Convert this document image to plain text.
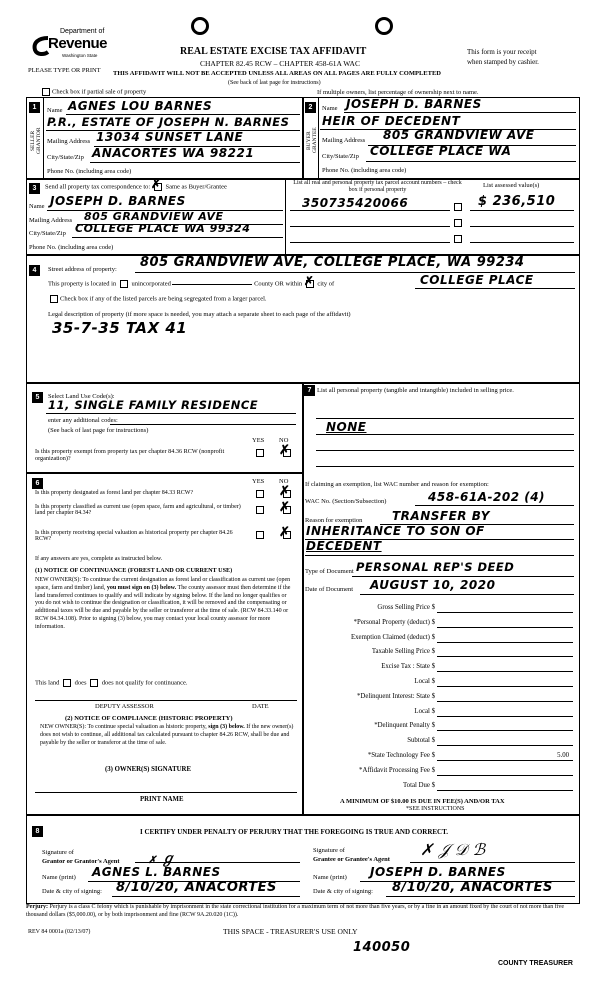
Department of
Revenue
Washington State
PLEASE TYPE OR PRINT
REAL ESTATE EXCISE TAX AFFIDAVIT
CHAPTER 82.45 RCW – CHAPTER 458-61A WAC
THIS AFFIDAVIT WILL NOT BE ACCEPTED UNLESS ALL AREAS ON ALL PAGES ARE FULLY COMPLETED
(See back of last page for instructions)
This form is your receipt
when stamped by cashier.
Check box if partial sale of property	If multiple owners, list percentage of ownership next to name.
1
SELLER GRANTOR
Name AGNES LOU BARNES
P.R., ESTATE OF JOSEPH N. BARNES
Mailing Address 13034 SUNSET LANE
City/State/Zip ANACORTES WA 98221
Phone No. (including area code)
2
BUYER GRANTEE
Name JOSEPH D. BARNES
HEIR OF DECEDENT
Mailing Address 805 GRANDVIEW AVE
City/State/Zip COLLEGE PLACE WA
Phone No. (including area code)
3	Send all property tax correspondence to: ✗ Same as Buyer/Grantee
Name JOSEPH D. BARNES
Mailing Address 805 GRANDVIEW AVE
City/State/Zip COLLEGE PLACE WA 99324
Phone No. (including area code)
List all real and personal property tax parcel account numbers – check box if personal property
List assessed value(s)
350735420066	$ 236,510
4	Street address of property: 805 GRANDVIEW AVE, COLLEGE PLACE, WA 99234
This property is located in unincorporated	County OR within ✗ city of	COLLEGE PLACE
Check box if any of the listed parcels are being segregated from a larger parcel.
Legal description of property (if more space is needed, you may attach a separate sheet to each page of the affidavit)
35-7-35 TAX 41
5	Select Land Use Code(s):
11, SINGLE FAMILY RESIDENCE
enter any additional codes:
(See back of last page for instructions)
YES NO
Is this property exempt from property tax per chapter 84.36 RCW (nonprofit organization)?
✗
6	YES NO
Is this property designated as forest land per chapter 84.33 RCW?	✗
Is this property classified as current use (open space, farm and agricultural, or timber) land per chapter 84.34?	✗
Is this property receiving special valuation as historical property per chapter 84.26 RCW?	✗
If any answers are yes, complete as instructed below.
(1) NOTICE OF CONTINUANCE (FOREST LAND OR CURRENT USE)
NEW OWNER(S): To continue the current designation as forest land or classification as current use (open space, farm and timber) land, you must sign on (3) below. The county assessor must then determine if the land transferred continues to qualify and will indicate by signing below. If the land no longer qualifies or you do not wish to continue the designation or classification, it will be removed and the compensating or additional taxes will be due and payable by the seller or transferor at the time of sale. (RCW 84.33.140 or RCW 84.34.108). Prior to signing (3) below, you may contact your local county assessor for more information.
This land does does not qualify for continuance.
DEPUTY ASSESSOR	DATE
(2) NOTICE OF COMPLIANCE (HISTORIC PROPERTY)
NEW OWNER(S): To continue special valuation as historic property, sign (3) below. If the new owner(s) does not wish to continue, all additional tax calculated pursuant to chapter 84.26 RCW, shall be due and payable by the seller or transferor at the time of sale.
(3) OWNER(S) SIGNATURE
PRINT NAME
7 List all personal property (tangible and intangible) included in selling price.
NONE
If claiming an exemption, list WAC number and reason for exemption:
WAC No. (Section/Subsection)	458-61A-202 (4)
Reason for exemption TRANSFER BY
INHERITANCE TO SON OF
DECEDENT
Type of Document PERSONAL REP'S DEED
Date of Document AUGUST 10, 2020
Gross Selling Price $
*Personal Property (deduct) $
Exemption Claimed (deduct) $
Taxable Selling Price $
Excise Tax : State $
Local $
*Delinquent Interest: State $
Local $
*Delinquent Penalty $
Subtotal $
*State Technology Fee $	5.00
*Affidavit Processing Fee $
Total Due $
A MINIMUM OF $10.00 IS DUE IN FEE(S) AND/OR TAX
*SEE INSTRUCTIONS
8	I CERTIFY UNDER PENALTY OF PERJURY THAT THE FOREGOING IS TRUE AND CORRECT.
Signature of
Grantor or Grantor's Agent	✗ ℊ
Name (print) AGNES L. BARNES
Date & city of signing: 8/10/20, ANACORTES
Signature of
Grantee or Grantee's Agent
✗ 𝒥 𝒟 ℬ
Name (print) JOSEPH D. BARNES
Date & city of signing: 8/10/20, ANACORTES
Perjury: Perjury is a class C felony which is punishable by imprisonment in the state correctional institution for a maximum term of not more than five years, or by a fine in an amount fixed by the court of not more than five thousand dollars ($5,000.00), or by both imprisonment and fine (RCW 9A.20.020 (1C)).
REV 84 0001a (02/13/07)	THIS SPACE - TREASURER'S USE ONLY
140050
COUNTY TREASURER
